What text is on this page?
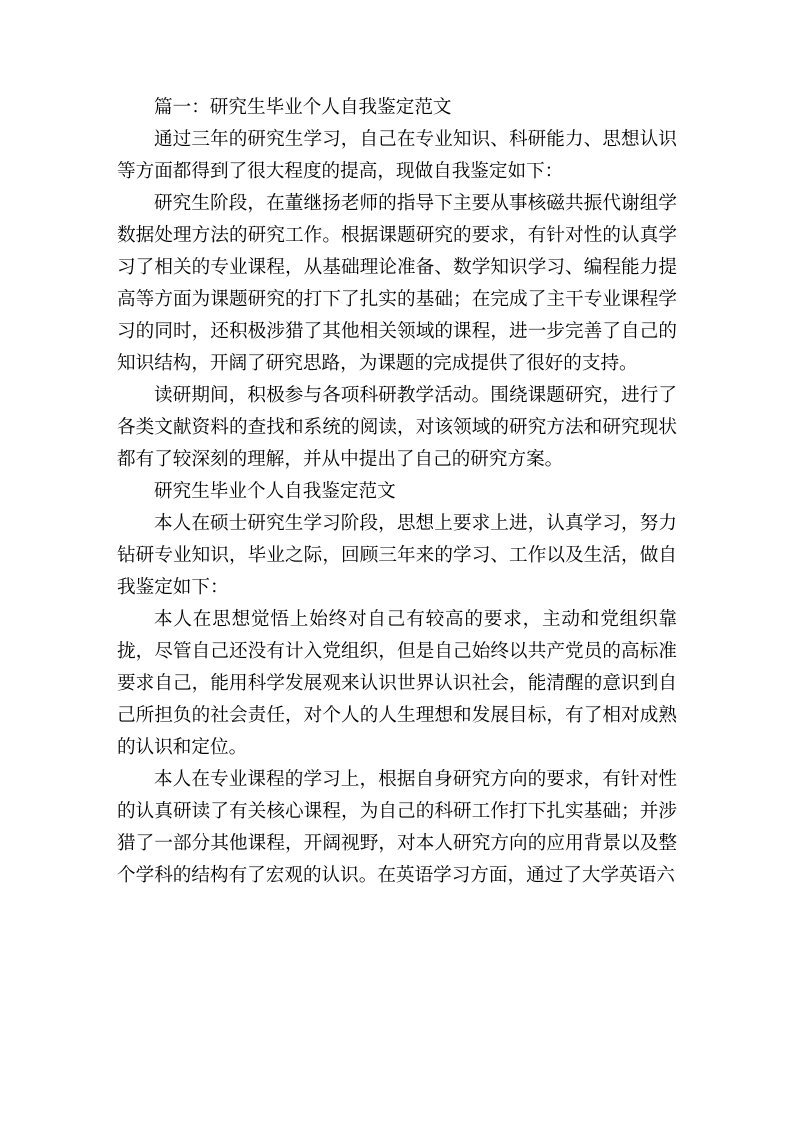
篇一：研究生毕业个人自我鉴定范文

通过三年的研究生学习，自己在专业知识、科研能力、思想认识等方面都得到了很大程度的提高，现做自我鉴定如下：

研究生阶段，在董继扬老师的指导下主要从事核磁共振代谢组学数据处理方法的研究工作。根据课题研究的要求，有针对性的认真学习了相关的专业课程，从基础理论准备、数学知识学习、编程能力提高等方面为课题研究的打下了扎实的基础；在完成了主干专业课程学习的同时，还积极涉猎了其他相关领域的课程，进一步完善了自己的知识结构，开阔了研究思路，为课题的完成提供了很好的支持。

读研期间，积极参与各项科研教学活动。围绕课题研究，进行了各类文献资料的查找和系统的阅读，对该领域的研究方法和研究现状都有了较深刻的理解，并从中提出了自己的研究方案。

研究生毕业个人自我鉴定范文

本人在硕士研究生学习阶段，思想上要求上进，认真学习，努力钻研专业知识，毕业之际，回顾三年来的学习、工作以及生活，做自我鉴定如下：

本人在思想觉悟上始终对自己有较高的要求，主动和党组织靠拢，尽管自己还没有计入党组织，但是自己始终以共产党员的高标准要求自己，能用科学发展观来认识世界认识社会，能清醒的意识到自己所担负的社会责任，对个人的人生理想和发展目标，有了相对成熟的认识和定位。

本人在专业课程的学习上，根据自身研究方向的要求，有针对性的认真研读了有关核心课程，为自己的科研工作打下扎实基础；并涉猎了一部分其他课程，开阔视野，对本人研究方向的应用背景以及整个学科的结构有了宏观的认识。在英语学习方面，通过了大学英语六
